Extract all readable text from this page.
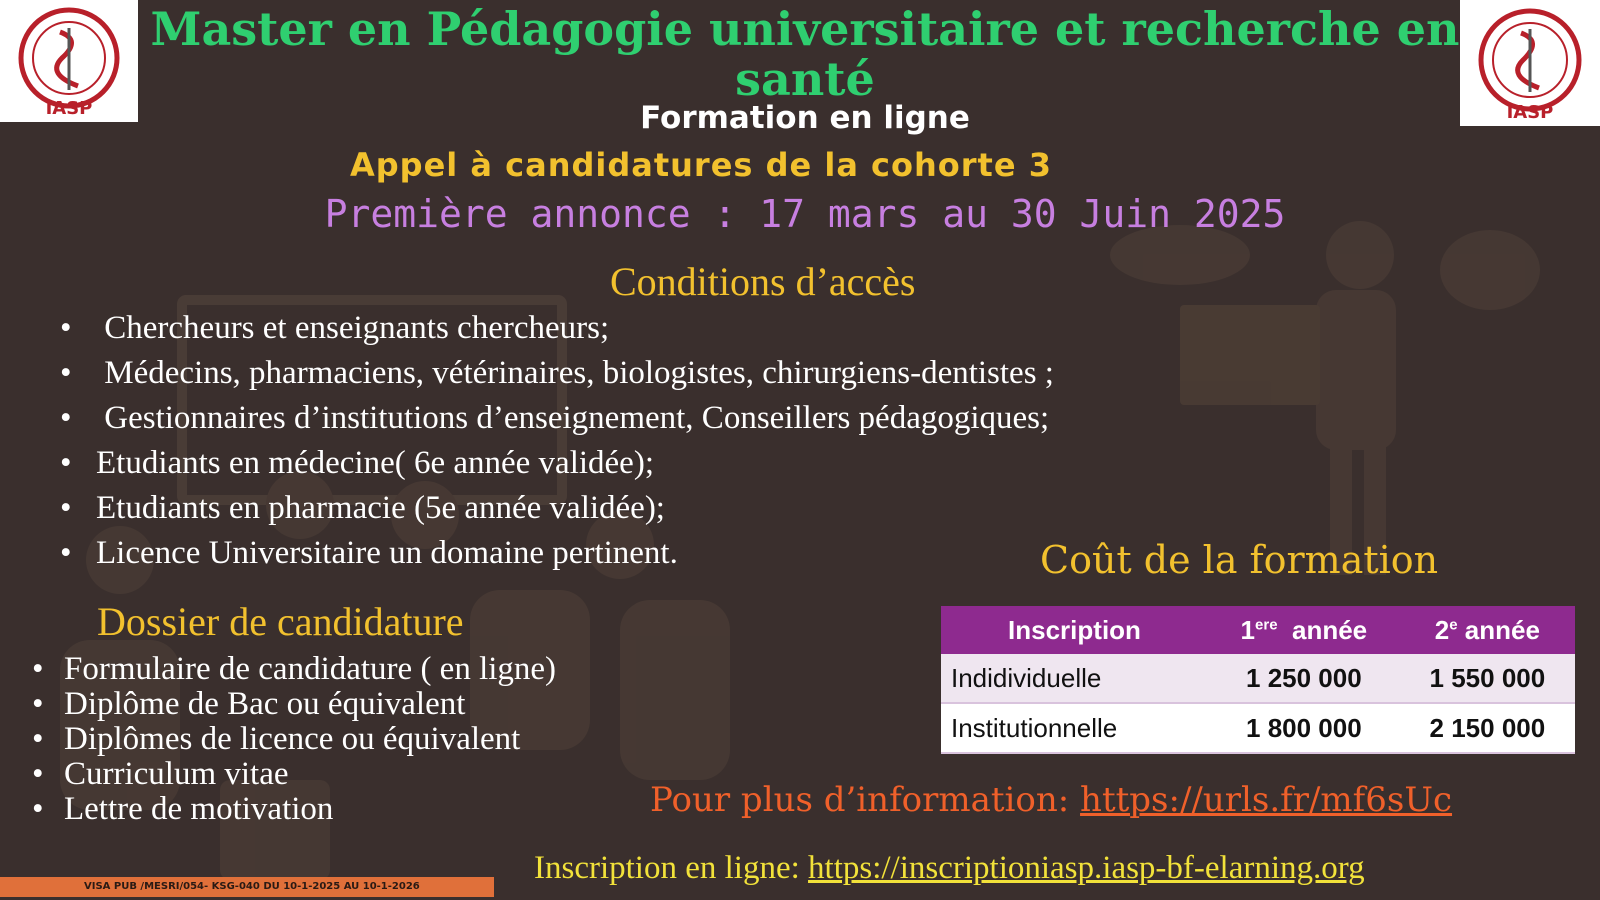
IASP	IASP
Master en Pédagogie universitaire et recherche en santé
Formation en ligne
Appel à candidatures de la cohorte 3
Première annonce : 17 mars au 30 Juin 2025
Conditions d’accès
• Chercheurs et enseignants chercheurs;
• Médecins, pharmaciens, vétérinaires, biologistes, chirurgiens-dentistes ;
• Gestionnaires d’institutions d’enseignement, Conseillers pédagogiques;
• Etudiants en médecine( 6e année validée);
• Etudiants en pharmacie (5e année validée);
• Licence Universitaire un domaine pertinent.
Dossier de candidature
• Formulaire de candidature ( en ligne)
• Diplôme de Bac ou équivalent
• Diplômes de licence ou équivalent
• Curriculum vitae
• Lettre de motivation
Coût de la formation
Inscription	1ere  année	2e année
Indidividuelle	1 250 000	1 550 000
Institutionnelle	1 800 000	2 150 000
Pour plus d’information: https://urls.fr/mf6sUc
Inscription en ligne: https://inscriptioniasp.iasp-bf-elarning.org
VISA PUB /MESRI/054- KSG-040 DU 10-1-2025 AU 10-1-2026
